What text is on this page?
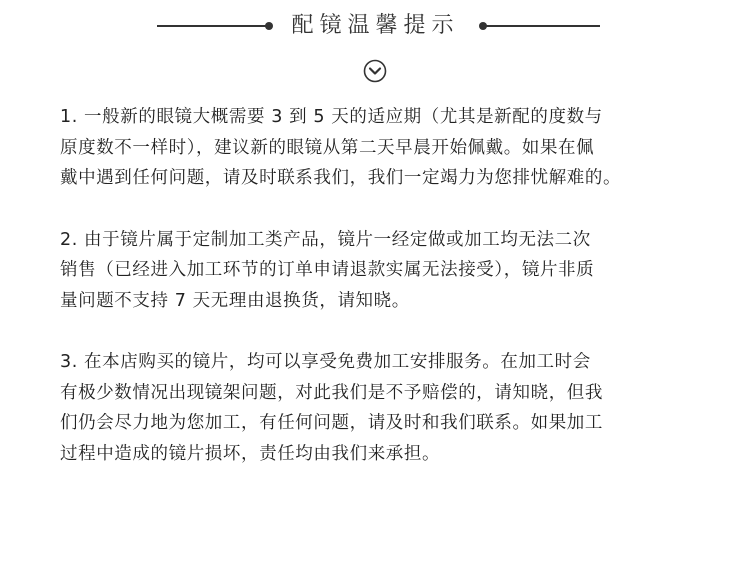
配镜温馨提示

1. 一般新的眼镜大概需要 3 到 5 天的适应期（尤其是新配的度数与
原度数不一样时），建议新的眼镜从第二天早晨开始佩戴。如果在佩
戴中遇到任何问题，请及时联系我们，我们一定竭力为您排忧解难的。

2. 由于镜片属于定制加工类产品，镜片一经定做或加工均无法二次
销售（已经进入加工环节的订单申请退款实属无法接受），镜片非质
量问题不支持 7 天无理由退换货，请知晓。

3. 在本店购买的镜片，均可以享受免费加工安排服务。在加工时会
有极少数情况出现镜架问题，对此我们是不予赔偿的，请知晓，但我
们仍会尽力地为您加工，有任何问题，请及时和我们联系。如果加工
过程中造成的镜片损坏，责任均由我们来承担。
